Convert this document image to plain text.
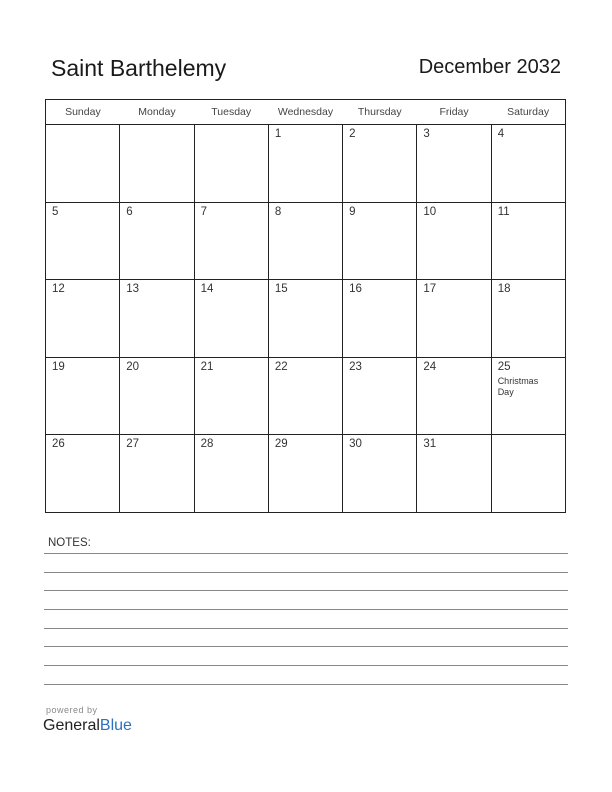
Saint Barthelemy	December 2032
Sunday	Monday	Tuesday	Wednesday	Thursday	Friday	Saturday

			1	2	3	4

5	6	7	8	9	10	11

12	13	14	15	16	17	18

19	20	21	22	23	24	25
Christmas Day

26	27	28	29	30	31	

NOTES:
powered by
GeneralBlue
